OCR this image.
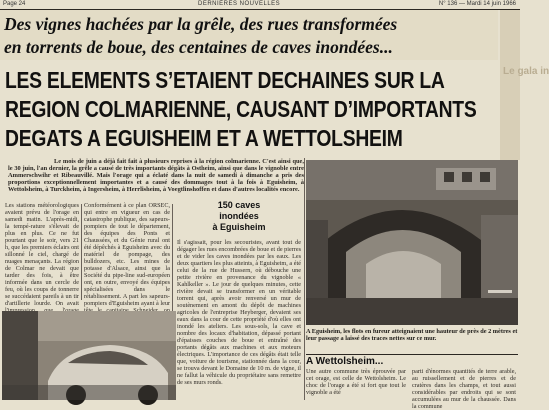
Page 24	DERNIÈRES NOUVELLES	N° 136 — Mardi 14 juin 1966
Des vignes hachées par la grêle, des rues transformées
en torrents de boue, des centaines de caves inondées...
Le gala in
LES ELEMENTS S’ETAIENT DECHAINES SUR LA
REGION COLMARIENNE, CAUSANT D’IMPORTANTS
DEGATS A EGUISHEIM ET A WETTOLSHEIM
Le mois de juin a déjà fait fait à plusieurs reprises à la région colmarienne. C'est ainsi que, le 30 juin, l'an dernier, la grêle a causé de très importants dégâts à Ostheim, ainsi que dans le vignoble entre Ammerschwihr et Ribeauvillé. Mais l'orage qui a éclaté dans la nuit de samedi à dimanche a pris des proportions exceptionnellement importantes et a causé des dommages tout à la fois à Eguisheim, à Wettolsheim, à Turckheim, à Ingersheim, à Herrlisheim, à Voegtlinshoffen et dans d'autres localités encore.
Les stations météorologiques avaient prévu de l'orage en samedi matin. L'après-midi, la tempé-rature s'élevait de plus en plus. Ce ne fut pourtant que le soir, vers 21 h, que les premiers éclairs ont sillonné le ciel, chargé de nuages menaçants. La région de Colmar ne devait que tarder des fois, à être informée dans un cercle de feu, où les coups de tonnerre se succédaient pareils à un tir d'artillerie lourde. On avait
Conformément à ce plan ORSEC, qui entre en vigueur en cas de catastrophe publique, des sapeurs-pompiers de tout le département, des équipes des Ponts et Chaussées, et du Génie rural ont été dépêchés à Eguisheim avec du matériel de pompage, des bulldozers, etc. Les mines de potasse d'Alsace, ainsi que la Société du pipe-line sud-européen ont, en outre, envoyé des équipes spécialisées dans le rétablissement. A part les sapeurs-pompiers d'Eguisheim ayant à leur
150 caves
inondées
à Eguisheim
Il s'agissait, pour les secouristes, avant tout de dégager les rues encombrées de boue et de pierres et de vider les caves inondées par les eaux. Les deux quartiers les plus atteints, à Eguisheim, a été celui de la rue de Hussern, où débouche une petite rivière en provenance du vignoble « Kahlkeller ». Le jour de quelques minutes, cette rivière devait se transformer en un véritable torrent qui, après avoir renversé un mur de soutènement en amont du dépôt de machines agricoles de l'entreprise Heyberger, devaient ses eaux dans la cour de cette propriété d'où elles ont inondé les ateliers. Les sous-sols, la cave et nombre des locaux d'habitation, dépassé portant d'épaisses couches de boue et entraîné des portants dégâts aux machines et aux moteurs électriques. L'importance de ces dégâts était telle que, voiture de tourisme, stationnée dans la cour, se trouva devant le Domaine de 10 m. de vigne, il ne fallut la véhicule du propriétaire sans remettre de ses murs ronds.
A Eguisheim, les flots en fureur atteignaient une hauteur de près de 2 mètres et leur passage a laissé des traces nettes sur ce mur.
A Wettolsheim...
Une autre commune très éprouvée par cet orage, est celle de Wettolsheim. Le choc de l'orage a été si fort que tout le vignoble a été
parti d'énormes quantités de terre arable, au ruissellement et de pierres et de cratères dans les champs, et tout aussi considérables par endroits qui se sont accumulées au mur de la chaussée. Dans la commune
